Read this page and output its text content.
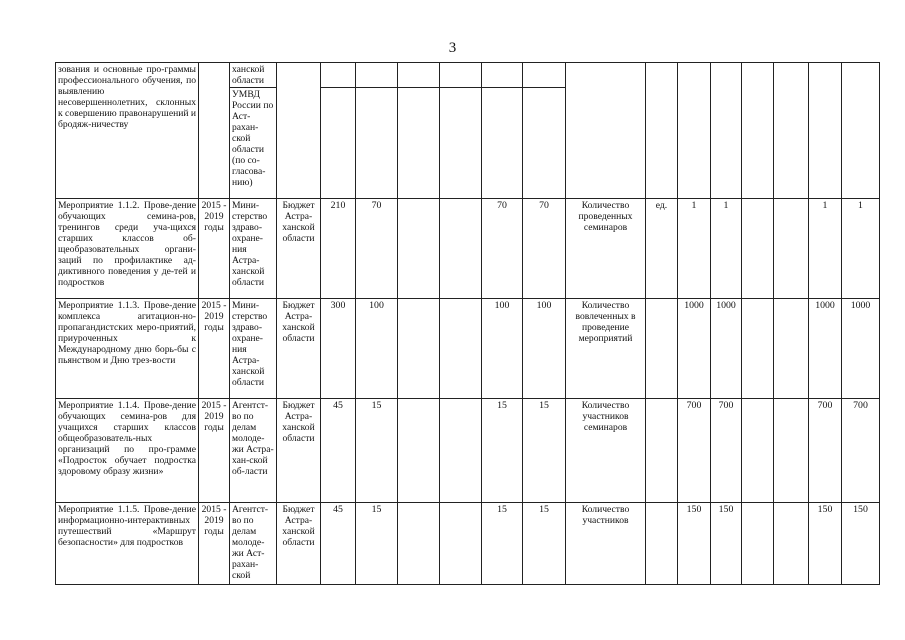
3
зования и основные про-граммы профессионального обучения, по выявлению несовершеннолетних, склонных к совершению правонарушений и бродяж-ничеству		ханской области															
		УМВД России по Аст-рахан-ской области (по со-гласова-нию)															
Мероприятие 1.1.2. Прове-дение обучающих семина-ров, тренингов среди уча-щихся старших классов об-щеобразовательных органи-заций по профилактике ад-диктивного поведения у де-тей и подростков	2015 - 2019 годы	Мини-стерство здраво-охране-ния Астра-ханской области	Бюджет Астра-ханской области	210	70			70	70	Количество проведенных семинаров	ед.	1	1			1	1
Мероприятие 1.1.3. Прове-дение комплекса агитацион-но-пропагандистских меро-приятий, приуроченных к Международному дню борь-бы с пьянством и Дню трез-вости	2015 - 2019 годы	Мини-стерство здраво-охране-ния Астра-ханской области	Бюджет Астра-ханской области	300	100			100	100	Количество вовлеченных в проведение мероприятий		1000	1000			1000	1000
Мероприятие 1.1.4. Прове-дение обучающих семина-ров для учащихся старших классов общеобразователь-ных организаций по про-грамме «Подросток обучает подростка здоровому образу жизни»	2015 - 2019 годы	Агентст-во по делам молоде-жи Астра-хан-ской об-ласти	Бюджет Астра-ханской области	45	15			15	15	Количество участников семинаров		700	700			700	700
Мероприятие 1.1.5. Прове-дение информационно-интерактивных путешествий «Маршрут безопасности» для подростков	2015 - 2019 годы	Агентст-во по делам молоде-жи Аст-рахан-ской	Бюджет Астра-ханской области	45	15			15	15	Количество участников		150	150			150	150
